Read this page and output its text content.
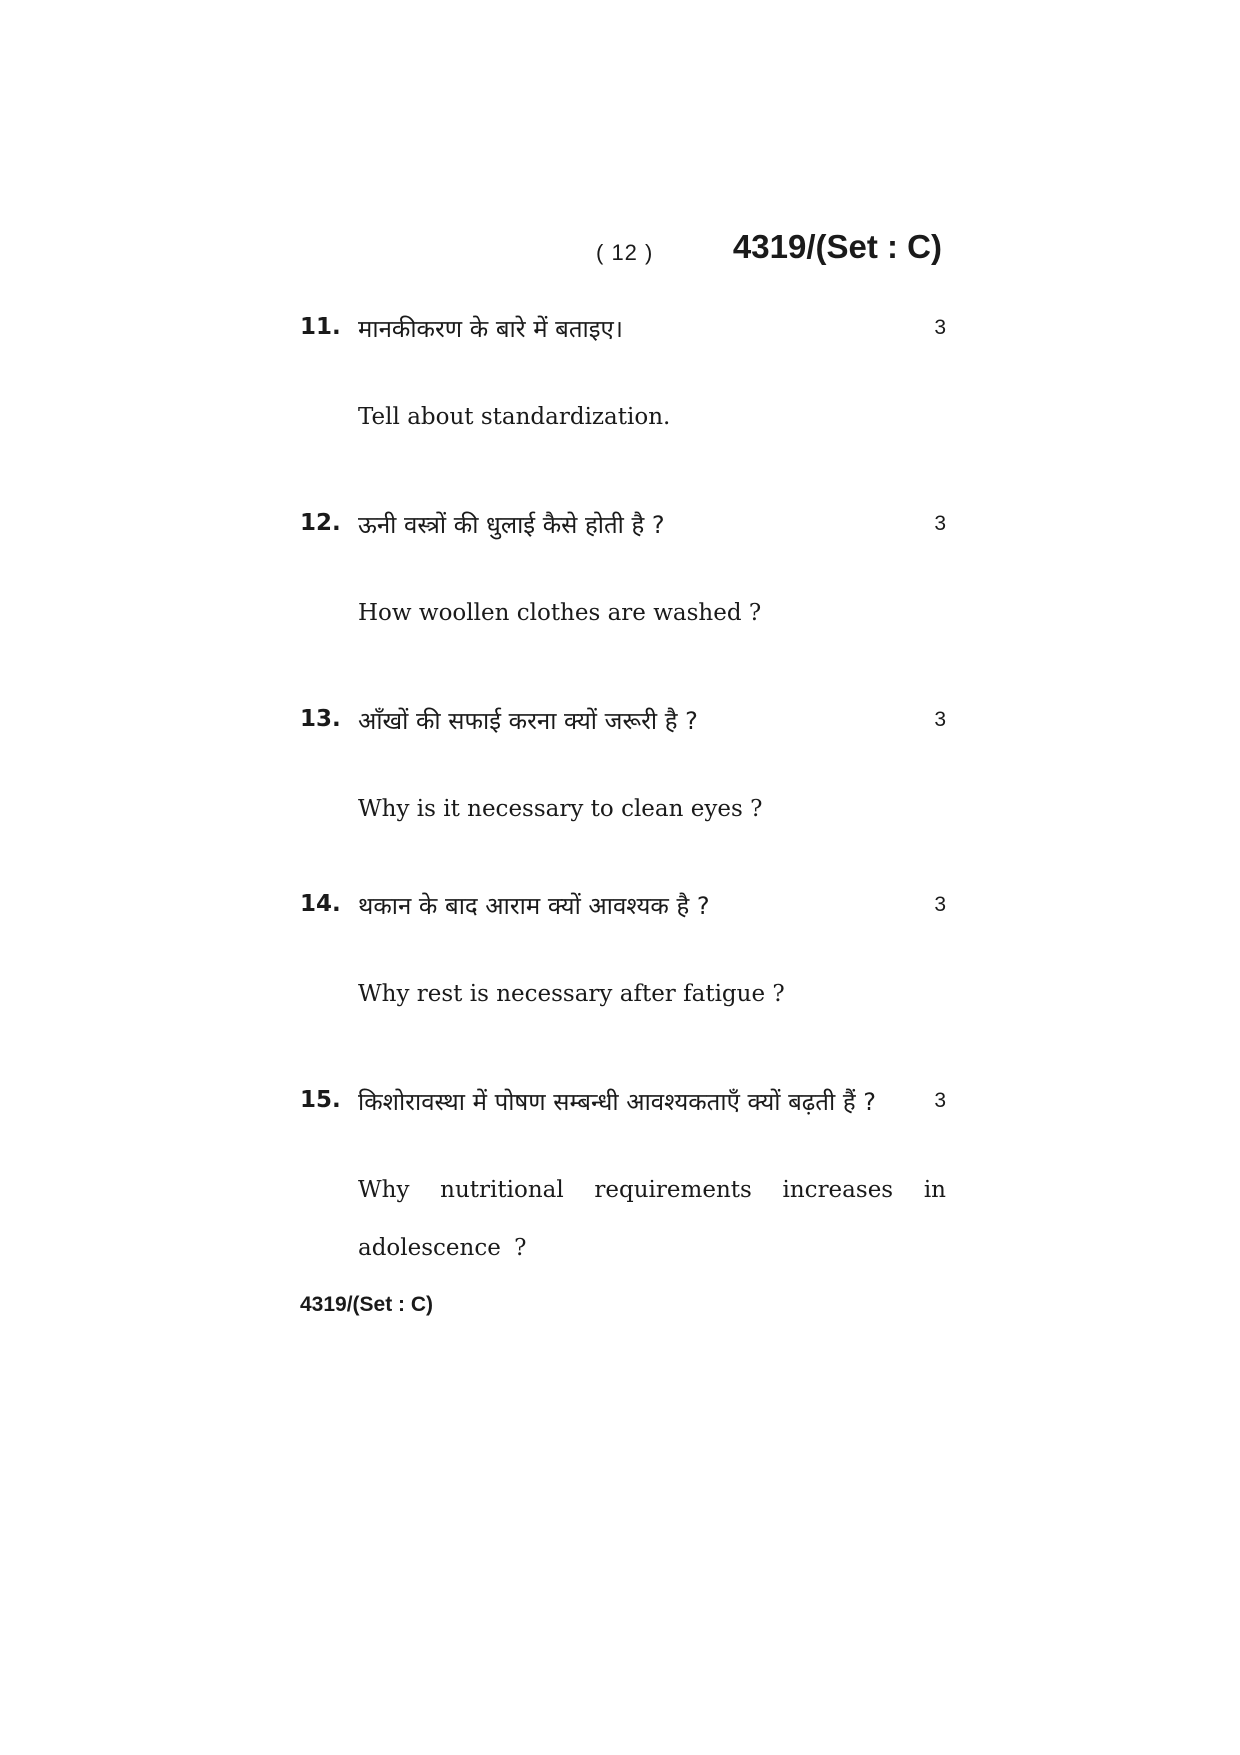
( 12 ) 4319/(Set : C)
11. मानकीकरण के बारे में बताइए।	3
Tell about standardization.
12. ऊनी वस्त्रों की धुलाई कैसे होती है ?	3
How woollen clothes are washed ?
13. आँखों की सफाई करना क्यों जरूरी है ?	3
Why is it necessary to clean eyes ?
14. थकान के बाद आराम क्यों आवश्यक है ?	3
Why rest is necessary after fatigue ?
15. किशोरावस्था में पोषण सम्बन्धी आवश्यकताएँ क्यों बढ़ती हैं ?	3
Why nutritional requirements increases in adolescence ?
4319/(Set : C)
